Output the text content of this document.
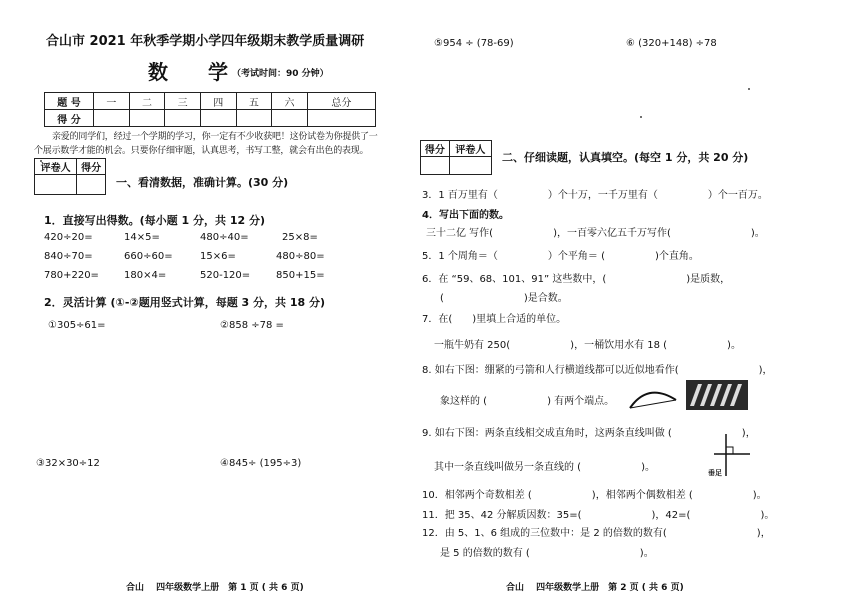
合山市 2021 年秋季学期小学四年级期末教学质量调研
数　　学 （考试时间：90 分钟）
题 号	一	二	三	四	五	六	总分
得 分							
亲爱的同学们，经过一个学期的学习，你一定有不少收获吧！这份试卷为你提供了一
个展示数学才能的机会。只要你仔细审题，认真思考，书写工整，就会有出色的表现。
评卷人	得分

一、看清数据，准确计算。(30 分)
1．直接写出得数。(每小题 1 分，共 12 分)
420÷20=	14×5=	480÷40=	25×8=
840÷70=	660÷60=	15×6=	480÷80=
780+220=	180×4=	520-120=	850+15=
2．灵活计算 (①-②题用竖式计算，每题 3 分，共 18 分)
①305÷61=	②858 ÷78 =
③32×30÷12	④845÷ (195÷3)
合山　 四年级数学上册　第 1 页 ( 共 6 页)
⑤954 ÷ (78-69)	⑥ (320+148) ÷78
得分	评卷人

二、仔细读题，认真填空。(每空 1 分，共 20 分)
3．1 百万里有（　　　　　）个十万，一千万里有（　　　　　）个一百万。
4．写出下面的数。
三十二亿 写作(　　　　　　)，一百零六亿五千万写作(　　　　　　　　)。
5．1 个周角＝（　　　　　）个平角＝ (　　　　　)个直角。
6．在 “59、68、101、91” 这些数中，(　　　　　　　　)是质数，
(　　　　　　　　)是合数。
7．在(　　)里填上合适的单位。
一瓶牛奶有 250(　　　　　　)，一桶饮用水有 18 (　　　　　　)。
8. 如右下图：绷紧的弓箭和人行横道线都可以近似地看作(　　　　　　　　)，
象这样的 (　　　　　　) 有两个端点。
9. 如右下图：两条直线相交成直角时，这两条直线叫做 (　　　　　　　)，
其中一条直线叫做另一条直线的 (　　　　　　)。	垂足
10．相邻两个奇数相差 (　　　　　　)，相邻两个偶数相差 (　　　　　　)。
11．把 35、42 分解质因数：35=(　　　　　　　)，42=(　　　　　　　)。
12．由 5、1、6 组成的三位数中：是 2 的倍数的数有(　　　　　　　　　)，
是 5 的倍数的数有 (　　　　　　　　　　　)。
合山　 四年级数学上册　第 2 页 ( 共 6 页)
